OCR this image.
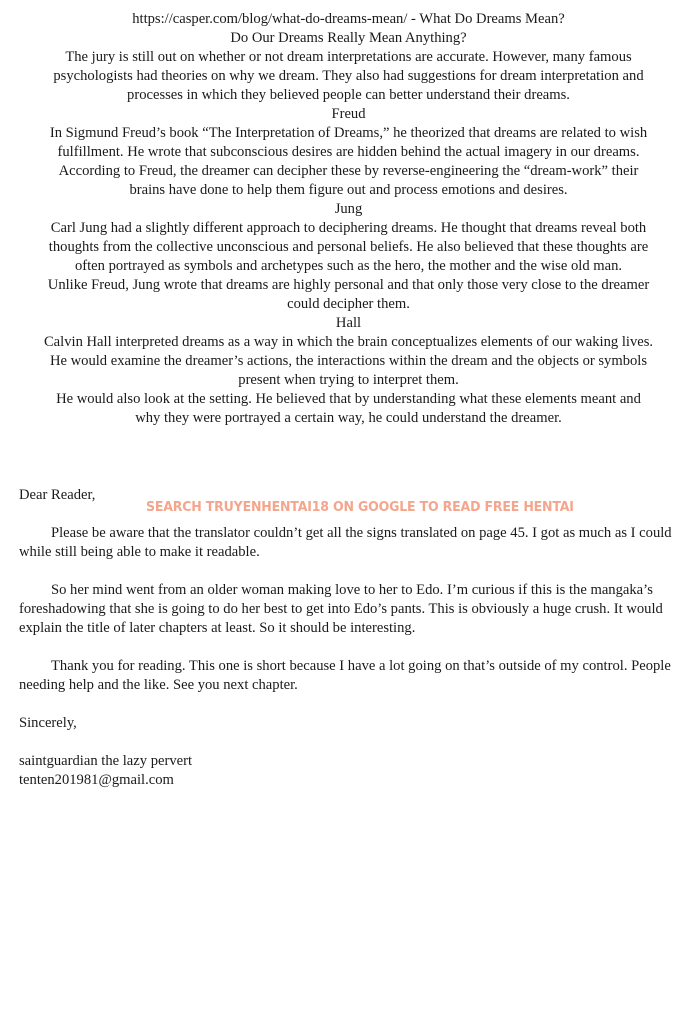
https://casper.com/blog/what-do-dreams-mean/ - What Do Dreams Mean?
Do Our Dreams Really Mean Anything?
The jury is still out on whether or not dream interpretations are accurate. However, many famous
psychologists had theories on why we dream. They also had suggestions for dream interpretation and
processes in which they believed people can better understand their dreams.
Freud
In Sigmund Freud’s book “The Interpretation of Dreams,” he theorized that dreams are related to wish
fulfillment. He wrote that subconscious desires are hidden behind the actual imagery in our dreams.
According to Freud, the dreamer can decipher these by reverse-engineering the “dream-work” their
brains have done to help them figure out and process emotions and desires.
Jung
Carl Jung had a slightly different approach to deciphering dreams. He thought that dreams reveal both
thoughts from the collective unconscious and personal beliefs. He also believed that these thoughts are
often portrayed as symbols and archetypes such as the hero, the mother and the wise old man.
Unlike Freud, Jung wrote that dreams are highly personal and that only those very close to the dreamer
could decipher them.
Hall
Calvin Hall interpreted dreams as a way in which the brain conceptualizes elements of our waking lives.
He would examine the dreamer’s actions, the interactions within the dream and the objects or symbols
present when trying to interpret them.
He would also look at the setting. He believed that by understanding what these elements meant and
why they were portrayed a certain way, he could understand the dreamer.

Dear Reader,

Please be aware that the translator couldn’t get all the signs translated on page 45. I got as much as I could while still being able to make it readable.

So her mind went from an older woman making love to her to Edo. I’m curious if this is the mangaka’s foreshadowing that she is going to do her best to get into Edo’s pants. This is obviously a huge crush. It would explain the title of later chapters at least. So it should be interesting.

Thank you for reading. This one is short because I have a lot going on that’s outside of my control. People needing help and the like. See you next chapter.

Sincerely,

saintguardian the lazy pervert

tenten201981@gmail.com

SEARCH TRUYENHENTAI18 ON GOOGLE TO READ FREE HENTAI
